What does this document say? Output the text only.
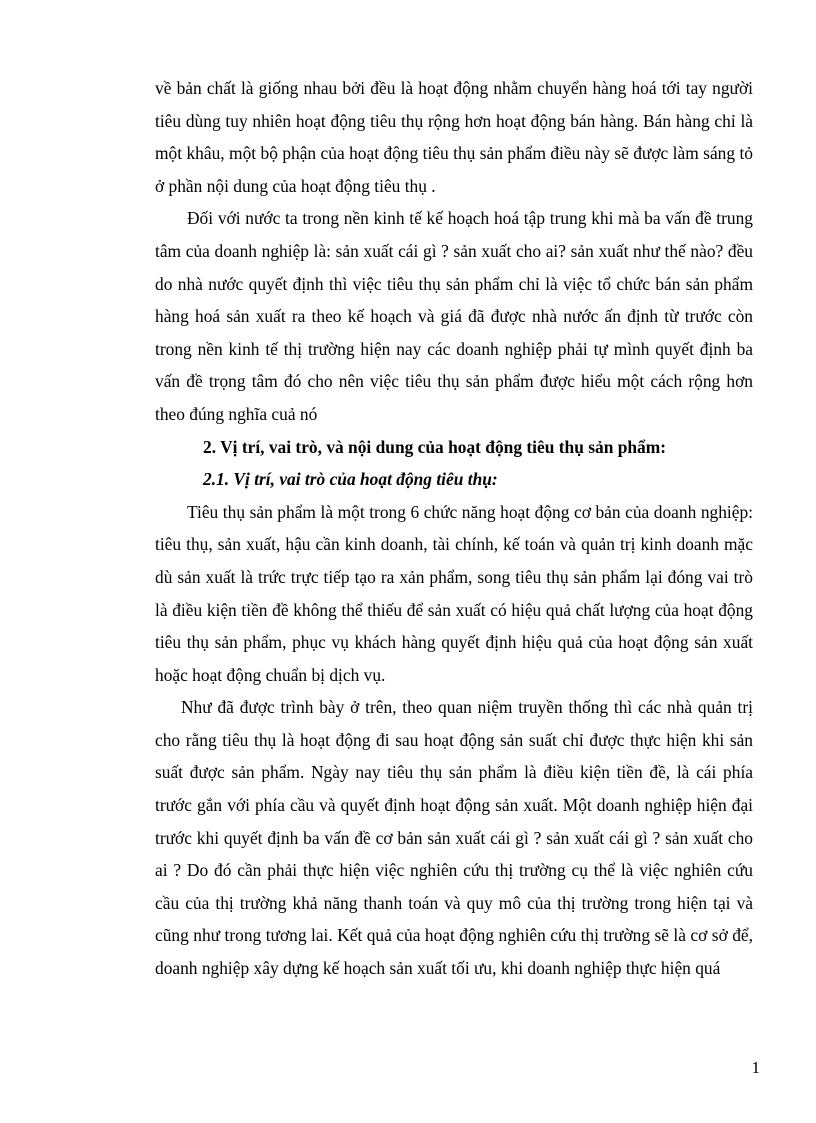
về bản chất là giống nhau bởi đều là hoạt động nhằm chuyển hàng hoá tới tay người tiêu dùng tuy nhiên hoạt động tiêu thụ rộng hơn hoạt động bán hàng. Bán hàng chỉ là một khâu, một bộ phận của hoạt động tiêu thụ sản phẩm điều này sẽ được làm sáng tỏ ở phần nội dung của hoạt động tiêu thụ .

Đối với nước ta trong nền kinh tế kế hoạch hoá tập trung khi mà ba vấn đề trung tâm của doanh nghiệp là: sản xuất cái gì ? sản xuất cho ai? sản xuất như thế nào? đều do nhà nước quyết định thì việc tiêu thụ sản phẩm chỉ là việc tổ chức bán sản phẩm hàng hoá sản xuất ra theo kế hoạch và giá đã được nhà nước ấn định từ trước còn trong nền kinh tế thị trường hiện nay các doanh nghiệp phải tự mình quyết định ba vấn đề trọng tâm đó cho nên việc tiêu thụ sản phẩm được hiểu một cách rộng hơn theo đúng nghĩa cuả nó

2. Vị trí, vai trò, và nội dung của hoạt động tiêu thụ sản phẩm:

2.1. Vị trí, vai trò của hoạt động tiêu thụ:

Tiêu thụ sản phẩm là một trong 6 chức năng hoạt động cơ bản của doanh nghiệp: tiêu thụ, sản xuất, hậu cần kinh doanh, tài chính, kế toán và quản trị kinh doanh mặc dù sản xuất là trức trực tiếp tạo ra xản phẩm, song tiêu thụ sản phẩm lại đóng vai trò là điều kiện tiền đề không thể thiếu để sản xuất có hiệu quả chất lượng của hoạt động tiêu thụ sản phẩm, phục vụ khách hàng quyết định hiệu quả của hoạt động sản xuất hoặc hoạt động chuẩn bị dịch vụ.

Như đã được trình bày ở trên, theo quan niệm truyền thống thì các nhà quản trị cho rằng tiêu thụ là hoạt động đi sau hoạt động sản suất chỉ được thực hiện khi sản suất được sản phẩm. Ngày nay tiêu thụ sản phẩm là điều kiện tiền đề, là cái phía trước gắn với phía cầu và quyết định hoạt động sản xuất. Một doanh nghiệp hiện đại trước khi quyết định ba vấn đề cơ bản sản xuất cái gì ? sản xuất cái gì ? sản xuất cho ai ? Do đó cần phải thực hiện việc nghiên cứu thị trường cụ thể là việc nghiên cứu cầu của thị trường khả năng thanh toán và quy mô của thị trường trong hiện tại và cũng như trong tương lai. Kết quả của hoạt động nghiên cứu thị trường sẽ là cơ sở để, doanh nghiệp xây dựng kế hoạch sản xuất tối ưu, khi doanh nghiệp thực hiện quá

1
